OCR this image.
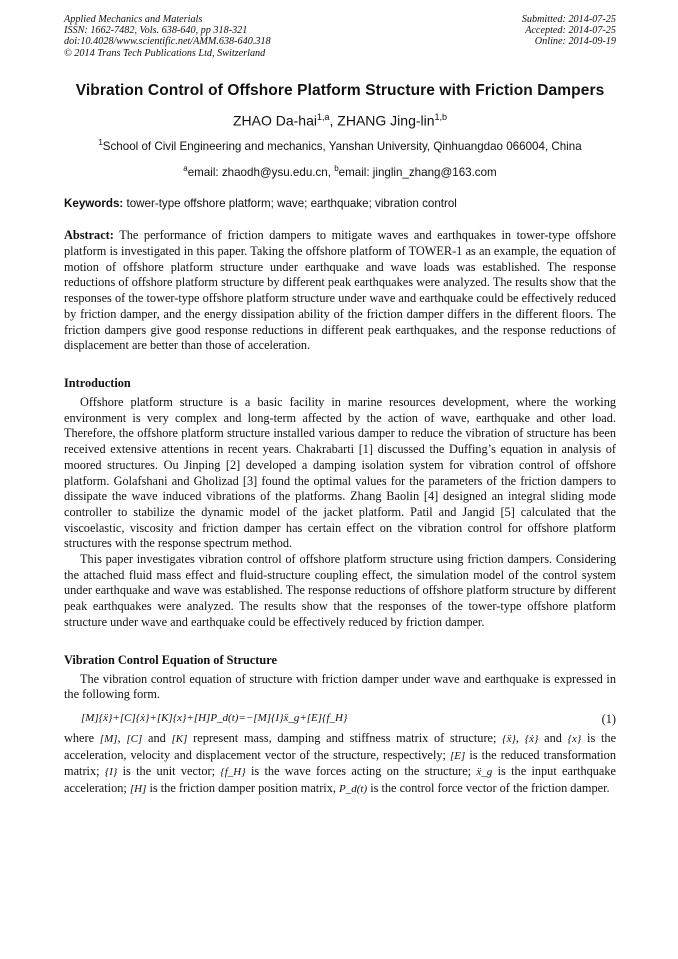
Applied Mechanics and Materials
ISSN: 1662-7482, Vols. 638-640, pp 318-321
doi:10.4028/www.scientific.net/AMM.638-640.318
© 2014 Trans Tech Publications Ltd, Switzerland
Submitted: 2014-07-25
Accepted: 2014-07-25
Online: 2014-09-19
Vibration Control of Offshore Platform Structure with Friction Dampers
ZHAO Da-hai$^{1,a}$, ZHANG Jing-lin$^{1,b}$
$^1$School of Civil Engineering and mechanics, Yanshan University, Qinhuangdao 066004, China
$^a$email: zhaodh@ysu.edu.cn, $^b$email: jinglin_zhang@163.com
Keywords: tower-type offshore platform; wave; earthquake; vibration control

Abstract: The performance of friction dampers to mitigate waves and earthquakes in tower-type offshore platform is investigated in this paper. Taking the offshore platform of TOWER-1 as an example, the equation of motion of offshore platform structure under earthquake and wave loads was established. The response reductions of offshore platform structure by different peak earthquakes were analyzed. The results show that the responses of the tower-type offshore platform structure under wave and earthquake could be effectively reduced by friction damper, and the energy dissipation ability of the friction damper differs in the different floors. The friction dampers give good response reductions in different peak earthquakes, and the response reductions of displacement are better than those of acceleration.

Introduction

Offshore platform structure is a basic facility in marine resources development, where the working environment is very complex and long-term affected by the action of wave, earthquake and other load. Therefore, the offshore platform structure installed various damper to reduce the vibration of structure has been received extensive attentions in recent years. Chakrabarti [1] discussed the Duffing’s equation in analysis of moored structures. Ou Jinping [2] developed a damping isolation system for vibration control of offshore platform. Golafshani and Gholizad [3] found the optimal values for the parameters of the friction dampers to dissipate the wave induced vibrations of the platforms. Zhang Baolin [4] designed an integral sliding mode controller to stabilize the dynamic model of the jacket platform. Patil and Jangid [5] calculated that the viscoelastic, viscosity and friction damper has certain effect on the vibration control for offshore platform structures with the response spectrum method.

This paper investigates vibration control of offshore platform structure using friction dampers. Considering the attached fluid mass effect and fluid-structure coupling effect, the simulation model of the control system under earthquake and wave was established. The response reductions of offshore platform structure by different peak earthquakes were analyzed. The results show that the responses of the tower-type offshore platform structure under wave and earthquake could be effectively reduced by friction damper.

Vibration Control Equation of Structure

The vibration control equation of structure with friction damper under wave and earthquake is expressed in the following form.

[M]{ẍ}+[C]{ẋ}+[K]{x}+[H]P_d(t)=−[M]{I}ẍ_g+[E]{f_H}	(1)

where [M], [C] and [K] represent mass, damping and stiffness matrix of structure; {ẍ}, {ẋ} and {x} is the acceleration, velocity and displacement vector of the structure, respectively; [E] is the reduced transformation matrix; {I} is the unit vector; {f_H} is the wave forces acting on the structure; ẍ_g is the input earthquake acceleration; [H] is the friction damper position matrix, P_d(t) is the control force vector of the friction damper.
